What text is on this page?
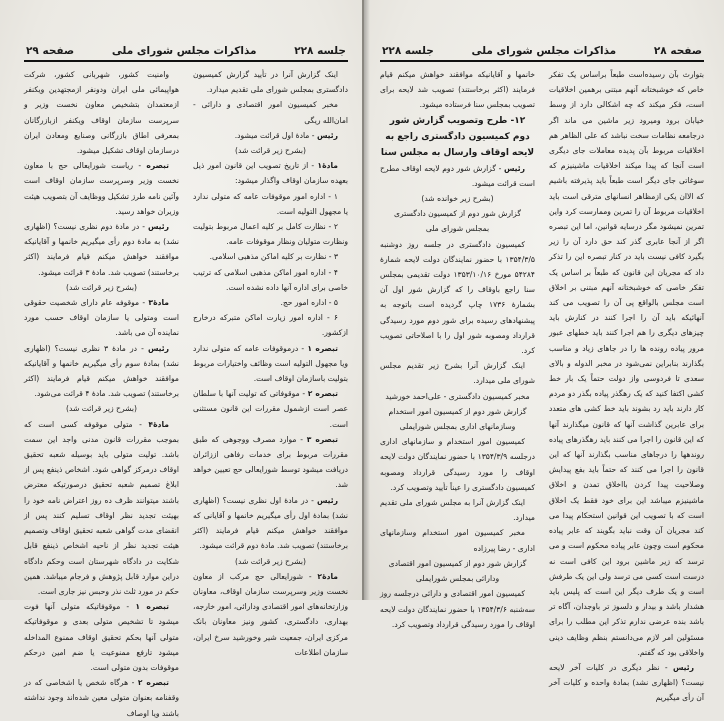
جلسه ۲۲۸
مذاکرات مجلس شورای ملی
صفحه ۲۹

اینک گزارش آنرا در تأیید گزارش کمیسیون دادگستری بمجلس شورای ملی تقدیم میدارد.

مخبر کمیسیون امور اقتصادی و دارائی - امان‌الله ریگی

رئیس - مادهٔ اول قرائت میشود.

(بشرح زیر قرائت شد)

مادهٔ۱ - از تاریخ تصویب این قانون امور ذیل بعهده سازمان اوقاف واگذار میشود:

۱ - اداره امور موقوفات عامه که متولی ندارد یا مجهول التولیه است.

۲ - نظارت کامل بر کلیه اعمال مربوط بتولیت ونظارت متولیان ونظار موقوفات عامه.

۳ - نظارت بر کلیه اماکن مذهبی اسلامی.

۴ - اداره امور اماکن مذهبی اسلامی که ترتیب خاصی برای اداره آنها داده نشده است.

۵ - اداره امور حج.

۶ - اداره امور زیارت اماکن متبرکه درخارج ازکشور.

تبصره ۱ - درموقوفات عامه که متولی ندارد ویا مجهول التولیه است وظائف واختیارات مربوط بتولیت باسازمان اوقاف است.

تبصره ۲ - موقوفاتی که تولیت آنها با سلطان عصر است ازشمول مقررات این قانون مستثنی است.

تبصره ۳ - موارد مصرف ووجوهی که طبق مقررات مربوط برای خدمات رفاهی اززائران دریافت میشود توسط شورایعالی حج تعیین خواهد شد.

رئیس - در مادهٔ اول نظری نیست؟ (اظهاری نشد) بمادهٔ اول رأی میگیریم خانمها و آقایانی که موافقند خواهش میکنم قیام فرمایند (اکثر برخاستند) تصویب شد. مادهٔ دوم قرائت میشود.

(بشرح زیر قرائت شد)

مادهٔ۲ - شورایعالی حج مرکب از معاون نخست وزیر وسرپرست سازمان اوقاف، معاونان وزارتخانه‌های امور اقتصادی ودارائی، امور خارجه، بهداری، دادگستری، کشور ونیز معاونان بانک مرکزی ایران، جمعیت شیر وخورشید سرخ ایران، سازمان اطلاعات

وامنیت کشور، شهربانی کشور، شرکت هواپیمائی ملی ایران ودونفر ازمجتهدین ویکنفر ازمعتمدان بتشخیص معاون نخست وزیر و سرپرست سازمان اوقاف ویکنفر ازبازرگانان بمعرفی اطاق بازرگانی وصنایع ومعادن ایران درسازمان اوقاف تشکیل میشود.

تبصره - ریاست شورایعالی حج با معاون نخست وزیر وسرپرست سازمان اوقاف است وآئین نامه طرز تشکیل ووظایف آن بتصویب هیئت وزیران خواهد رسید.

رئیس - در مادهٔ دوم نظری نیست؟ (اظهاری نشد) به مادهٔ دوم رأی میگیریم خانمها و آقایانیکه موافقند خواهش میکنم قیام فرمایند (اکثر برخاستند) تصویب شد. مادهٔ ۳ قرائت میشود.

(بشرح زیر قرائت شد)

مادهٔ۳ - موقوفه عام دارای شخصیت حقوقی است ومتولی یا سازمان اوقاف حسب مورد نماینده آن می باشد.

رئیس - در مادهٔ ۳ نظری نیست؟ (اظهاری نشد) بمادهٔ سوم رأی میگیریم خانمها و آقایانیکه موافقند خواهش میکنم قیام فرمایند (اکثر برخاستند) تصویب شد. مادهٔ ۴ قرائت می‌شود.

(بشرح زیر قرائت شد)

مادهٔ۴ - متولی موقوفه کسی است که بموجب مقررات قانون مدنی واجد این سمت باشد. تولیت متولی باید بوسیله شعبه تحقیق اوقاف درمرکز گواهی شود. اشخاص ذینفع پس از ابلاغ تصمیم شعبه تحقیق درصورتیکه معترض باشند میتوانند ظرف ده روز اعتراض نامه خود را بهیئت تجدید نظر اوقاف تسلیم کنند پس از انقضای مدت گواهی شعبه تحقیق اوقاف وتصمیم هیئت تجدید نظر از ناحیه اشخاص ذینفع قابل شکایت در دادگاه شهرستان است وحکم دادگاه دراین موارد قابل پژوهش و فرجام میباشد. همین حکم در مورد ثلث نذر وحبس نیز جاری است.

تبصره ۱ - موقوفاتیکه متولی آنها فوت میشود تا تشخیص متولی بعدی و موقوفاتیکه متولی آنها بحکم تحقیق اوقاف ممنوع المداخله میشود تارفع ممنوعیت یا ضم امین درحکم موقوفات بدون متولی است.

تبصره ۲ - هرگاه شخص یا اشخاصی که در وقفنامه بعنوان متولی معین شده‌اند وجود نداشته باشند ویا اوصاف

صفحه ۲۸
مذاکرات مجلس شورای ملی
جلسه ۲۲۸

بتوارث بآن رسیده‌است طبعاً براساس یک تفکر خاص که خوشبختانه آنهم مبتنی برهمین اخلاقیات است، فکر میکند که چه اشکالی دارد از وسط خیابان برود ومیرود زیر ماشین می ماند اگر درجامعه نظامات سخت نباشد که علی الظاهر هم اخلاقیات مربوط بآن پدیده معاملات جای دیگری است آنجا که پیدا میکند اخلاقیات ماشینیزم که سوغاتی جای دیگر است طبعاً باید پذیرفته باشیم که الاان یکی ازمظاهر انسانهای مترقی است باید اخلاقیات مربوط آن را تمرین وممارست کرد واین تمرین نمیشود مگر درسایه قوانین، اما این تبصره اگر از آنجا عابری گذر کند حق دارد آن را زیر بگیرد کافی نیست باید در کنار تبصره این را تذکر داد که مجریان این قانون که طبعاً بر اساس یک تفکر خاصی که خوشبختانه آنهم مبتنی بر اخلاق است مجلس بالواقع پی آن را تصویب می کند آنهائیکه باید آن را اجرا کنند در کنارش باید چیزهای دیگری را هم اجرا کنند باید خطهای عبور مرور پیاده رونده ها را در جاهای زیاد و مناسب بگذارند بنابراین نمی‌شود در مخبر الدوله و بالای سعدی تا فردوسی واز دولت حتماً یک بار خط کشی اکتفا کنید که یک رهگذر پیاده بگذر دو مردم کار دارند باید رد بشوند باید خط کشی های متعدد برای عابرین گذاشت آنها که قانون میگذارند آنها که این قانون را اجرا می کنند باید رهگذرهای پیاده روندهها را درجاهای مناسب بگذارند آنها که این قانون را اجرا می کنند که حتماً باید بفع پیدایش وصلاحیت پیدا کردن بااخلاق تمدن و اخلاق ماشینیزم میباشد این برای خود فقط یک اخلاق است که با تصویب این قوانین استحکام پیدا می کند مجریان آن وقت نباید بگویند که عابر پیاده محکوم است وچون عابر پیاده محکوم است و می ترسد که زیر ماشین برود این کافی است نه درست است کسی می ترسد ولی این یک طرفش است و یک طرف دیگر این است که پلیس باید هشدار باشد و بیدار و دلسوز تر باوجدان، آگاه تر باشد بنده عرضی ندارم تذکر این مطلب را برای مسئولین امر لازم می‌دانستم بنظم وظایف دینی واخلاقی بود که گفتم.

رئیس - نظر دیگری در کلیات آخر لایحه نیست؟ (اظهاری نشد) بمادهٔ واحده و کلیات آخر آن رأی میگیریم

خانمها و آقایانیکه موافقند خواهش میکنم قیام فرمایند (اکثر برخاستند) تصویب شد لایحه برای تصویب بمجلس سنا فرستاده میشود.

۱۲- طرح وتصویب گزارش شور دوم کمیسیون دادگستری راجع به لایحه اوقاف وارسال به مجلس سنا

رئیس - گزارش شور دوم لایحه اوقاف مطرح است قرائت میشود.

(بشرح زیر خوانده شد)

گزارش شور دوم از کمیسیون دادگستری

بمجلس شورای ملی

کمیسیون دادگستری در جلسه روز دوشنبه ۱۳۵۴/۳/۵ با حضور نمایندگان دولت لایحه شمارهٔ ۵۴۲۸۴ مورخ ۱۳۵۳/۱۰/۱۶ دولت تقدیمی بمجلس سنا راجع باوقاف را که گزارش شور اول آن بشمارهٔ ۱۷۳۶ چاپ گردیده است باتوجه به پیشنهادهای رسیده برای شور دوم مورد رسیدگی قرارداد ومصوبه شور اول را با اصلاحاتی تصویب کرد.

اینک گزارش آنرا بشرح زیر تقدیم مجلس شورای ملی میدارد.

مخبر کمیسیون دادگستری - علی‌احمد خورشید

گزارش شور دوم از کمیسیون امور استخدام وسازمانهای اداری بمجلس شورایملی

کمیسیون امور استخدام و سازمانهای اداری درجلسه ۱۳۵۴/۳/۹ با حضور نمایندگان دولت لایحه اوقاف را مورد رسیدگی قرارداد ومصوبه کمیسیون دادگستری را عیناً تأیید وتصویب کرد.

اینک گزارش آنرا به مجلس شورای ملی تقدیم میدارد.

مخبر کمیسیون امور استخدام وسازمانهای اداری - رضا پیرزاده

گزارش شور دوم از کمیسیون امور اقتصادی ودارائی بمجلس شورایملی

کمیسیون امور اقتصادی و دارائی درجلسه روز سه‌شنبه ۱۳۵۴/۳/۶ با حضور نمایندگان دولت لایحه اوقاف را مورد رسیدگی قرارداد وتصویب کرد.
